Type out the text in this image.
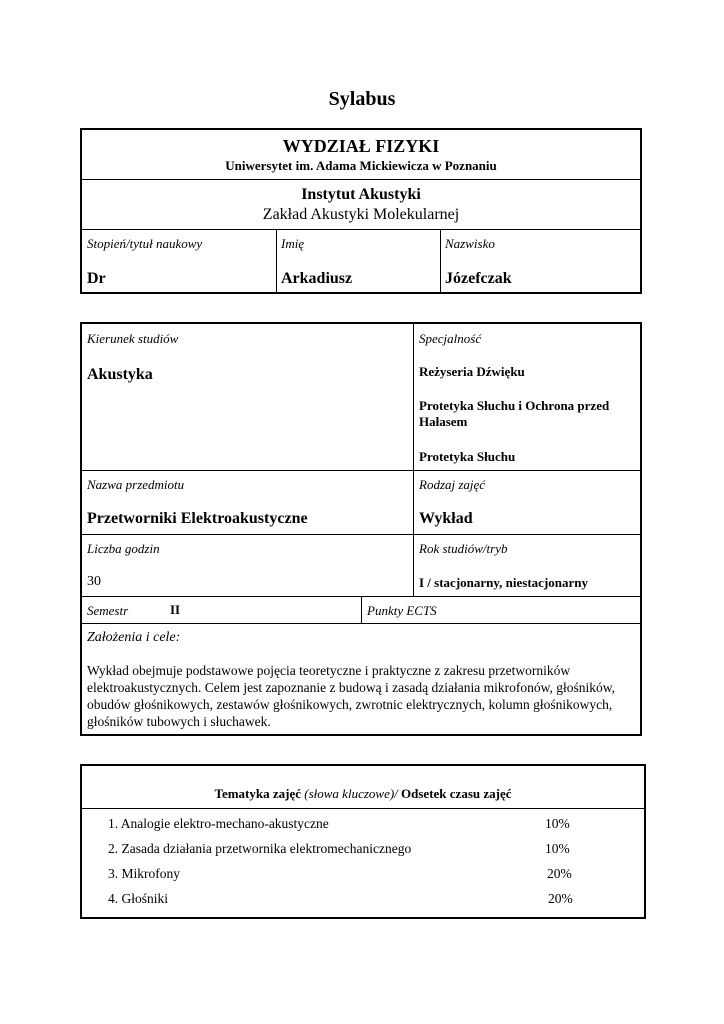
Sylabus
WYDZIAŁ FIZYKI
Uniwersytet im. Adama Mickiewicza w Poznaniu
Instytut Akustyki
Zakład Akustyki Molekularnej
Stopień/tytuł naukowy
Dr
Imię
Arkadiusz
Nazwisko
Józefczak
Kierunek studiów
Akustyka
Specjalność
Reżyseria Dźwięku
Protetyka Słuchu i Ochrona przed Hałasem
Protetyka Słuchu
Nazwa przedmiotu
Przetworniki Elektroakustyczne
Rodzaj zajęć
Wykład
Liczba godzin
30
Rok studiów/tryb
I / stacjonarny, niestacjonarny
Semestr	II	Punkty ECTS
Założenia i cele:
Wykład obejmuje podstawowe pojęcia teoretyczne i praktyczne z zakresu przetworników elektroakustycznych. Celem jest zapoznanie z budową i zasadą działania mikrofonów, głośników, obudów głośnikowych, zestawów głośnikowych, zwrotnic elektrycznych, kolumn głośnikowych, głośników tubowych i słuchawek.
Tematyka zajęć (słowa kluczowe)/ Odsetek czasu zajęć
1. Analogie elektro-mechano-akustyczne	10%
2. Zasada działania przetwornika elektromechanicznego	10%
3. Mikrofony	20%
4. Głośniki	20%
